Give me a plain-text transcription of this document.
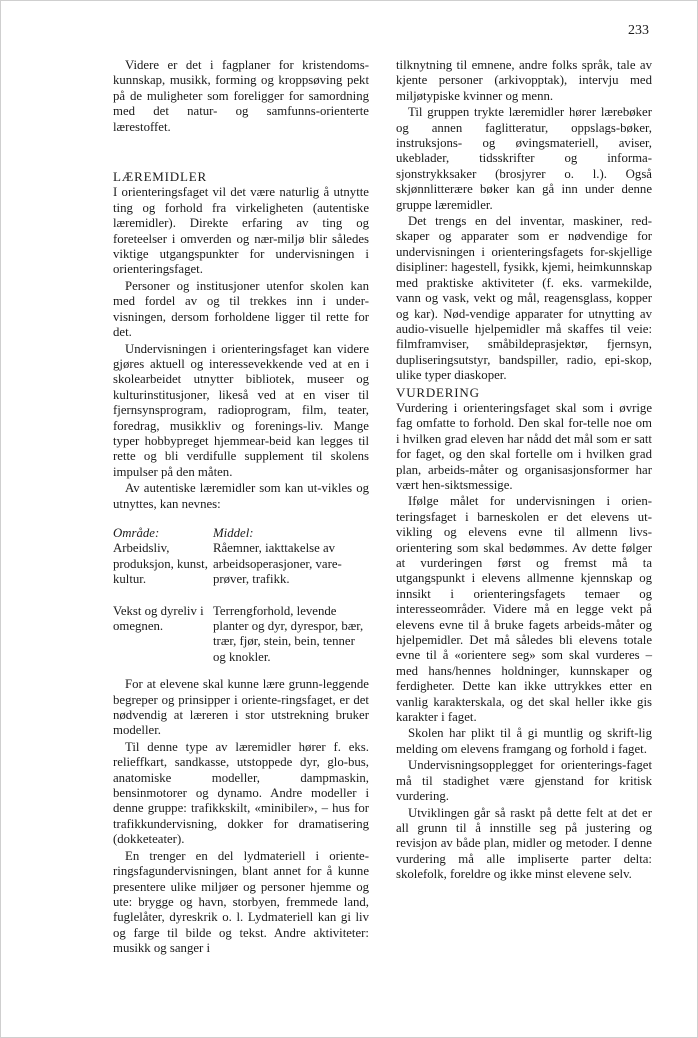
233

Videre er det i fagplaner for kristendoms-kunnskap, musikk, forming og kroppsøving pekt på de muligheter som foreligger for samordning med det natur- og samfunns-orienterte lærestoffet.

LÆREMIDLER

I orienteringsfaget vil det være naturlig å utnytte ting og forhold fra virkeligheten (autentiske læremidler). Direkte erfaring av ting og foreteelser i omverden og nær-miljø blir således viktige utgangspunkter for undervisningen i orienteringsfaget.

Personer og institusjoner utenfor skolen kan med fordel av og til trekkes inn i under-visningen, dersom forholdene ligger til rette for det.

Undervisningen i orienteringsfaget kan videre gjøres aktuell og interessevekkende ved at en i skolearbeidet utnytter bibliotek, museer og kulturinstitusjoner, likeså ved at en viser til fjernsynsprogram, radioprogram, film, teater, foredrag, musikkliv og forenings-liv. Mange typer hobbypreget hjemmear-beid kan legges til rette og bli verdifulle supplement til skolens impulser på den måten.

Av autentiske læremidler som kan ut-vikles og utnyttes, kan nevnes:

Område:	Middel:
Arbeidsliv, produksjon, kunst, kultur.	Råemner, iakttakelse av arbeidsoperasjoner, vare-prøver, trafikk.

Vekst og dyreliv i omegnen.	Terrengforhold, levende planter og dyr, dyrespor, bær, trær, fjør, stein, bein, tenner og knokler.

For at elevene skal kunne lære grunn-leggende begreper og prinsipper i oriente-ringsfaget, er det nødvendig at læreren i stor utstrekning bruker modeller.

Til denne type av læremidler hører f. eks. relieffkart, sandkasse, utstoppede dyr, glo-bus, anatomiske modeller, dampmaskin, bensinmotorer og dynamo. Andre modeller i denne gruppe: trafikkskilt, «minibiler», – hus for trafikkundervisning, dokker for dramatisering (dokketeater).

En trenger en del lydmateriell i oriente-ringsfagundervisningen, blant annet for å kunne presentere ulike miljøer og personer hjemme og ute: brygge og havn, storbyen, fremmede land, fuglelåter, dyreskrik o. l. Lydmateriell kan gi liv og farge til bilde og tekst. Andre aktiviteter: musikk og sanger i

tilknytning til emnene, andre folks språk, tale av kjente personer (arkivopptak), intervju med miljøtypiske kvinner og menn.

Til gruppen trykte læremidler hører lærebøker og annen faglitteratur, oppslags-bøker, instruksjons- og øvingsmateriell, aviser, ukeblader, tidsskrifter og informa-sjonstrykksaker (brosjyrer o. l.). Også skjønnlitterære bøker kan gå inn under denne gruppe læremidler.

Det trengs en del inventar, maskiner, red-skaper og apparater som er nødvendige for undervisningen i orienteringsfagets for-skjellige disipliner: hagestell, fysikk, kjemi, heimkunnskap med praktiske aktiviteter (f. eks. varmekilde, vann og vask, vekt og mål, reagensglass, kopper og kar). Nød-vendige apparater for utnytting av audio-visuelle hjelpemidler må skaffes til veie: filmframviser, småbildeprasjektør, fjernsyn, dupliseringsutstyr, bandspiller, radio, epi-skop, ulike typer diaskoper.

VURDERING

Vurdering i orienteringsfaget skal som i øvrige fag omfatte to forhold. Den skal for-telle noe om i hvilken grad eleven har nådd det mål som er satt for faget, og den skal fortelle om i hvilken grad plan, arbeids-måter og organisasjonsformer har vært hen-siktsmessige.

Ifølge målet for undervisningen i orien-teringsfaget i barneskolen er det elevens ut-vikling og elevens evne til allmenn livs-orientering som skal bedømmes. Av dette følger at vurderingen først og fremst må ta utgangspunkt i elevens allmenne kjennskap og innsikt i orienteringsfagets temaer og interesseområder. Videre må en legge vekt på elevens evne til å bruke fagets arbeids-måter og hjelpemidler. Det må således bli elevens totale evne til å «orientere seg» som skal vurderes – med hans/hennes holdninger, kunnskaper og ferdigheter. Dette kan ikke uttrykkes etter en vanlig karakterskala, og det skal heller ikke gis karakter i faget.

Skolen har plikt til å gi muntlig og skrift-lig melding om elevens framgang og forhold i faget.

Undervisningsopplegget for orienterings-faget må til stadighet være gjenstand for kritisk vurdering.

Utviklingen går så raskt på dette felt at det er all grunn til å innstille seg på justering og revisjon av både plan, midler og metoder. I denne vurdering må alle impliserte parter delta: skolefolk, foreldre og ikke minst elevene selv.
